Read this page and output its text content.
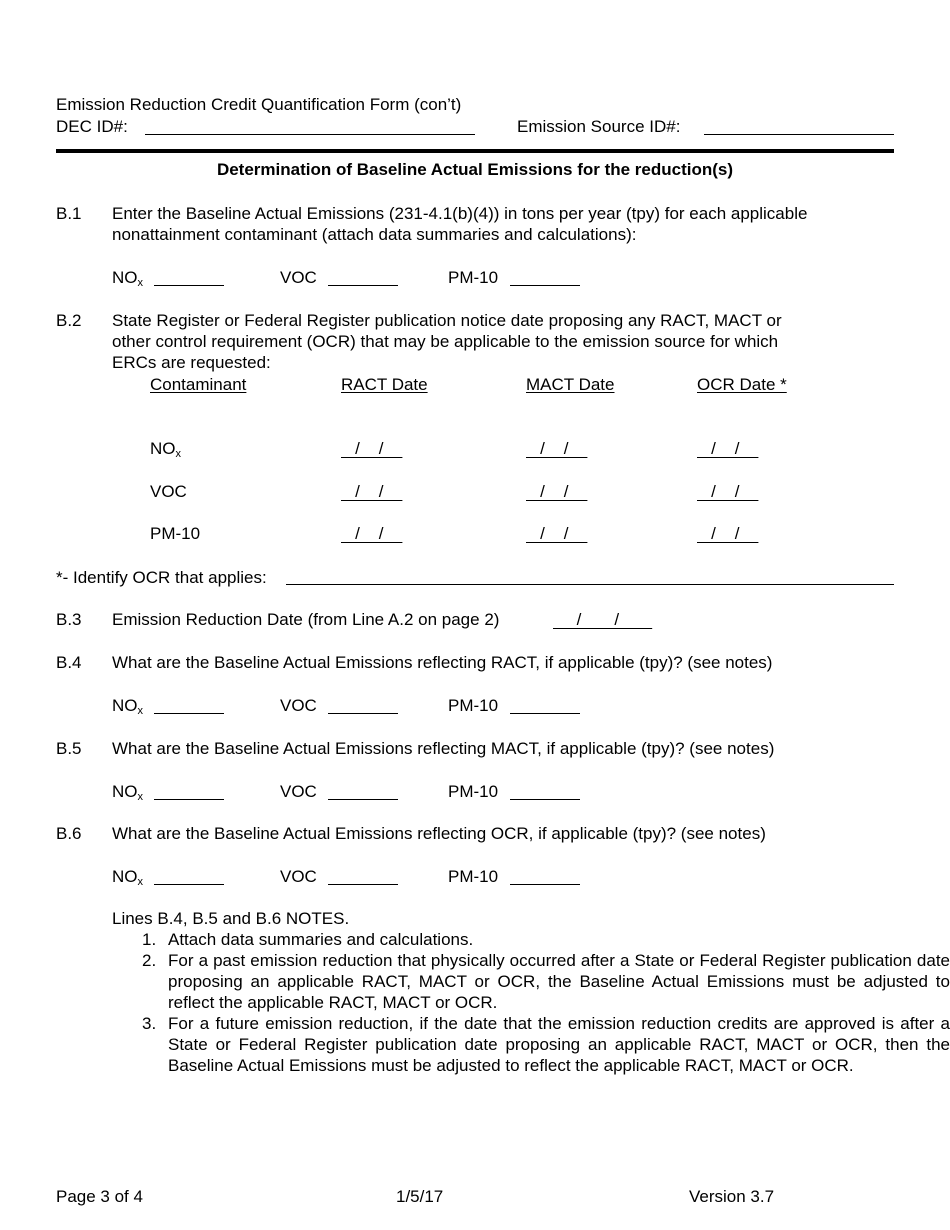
Emission Reduction Credit Quantification Form (con’t)
DEC ID#:	Emission Source ID#:
Determination of Baseline Actual Emissions for the reduction(s)
B.1 Enter the Baseline Actual Emissions (231-4.1(b)(4)) in tons per year (tpy) for each applicable
nonattainment contaminant (attach data summaries and calculations):
NOx	VOC	PM-10
B.2 State Register or Federal Register publication notice date proposing any RACT, MACT or
other control requirement (OCR) that may be applicable to the emission source for which
ERCs are requested:
Contaminant	RACT Date	MACT Date	OCR Date *
NOx	/    /	/    /	/    /
VOC	/    /	/    /	/    /
PM-10	/    /	/    /	/    /
*- Identify OCR that applies:
B.3 Emission Reduction Date (from Line A.2 on page 2)	/       /
B.4 What are the Baseline Actual Emissions reflecting RACT, if applicable (tpy)? (see notes)
NOx	VOC	PM-10
B.5 What are the Baseline Actual Emissions reflecting MACT, if applicable (tpy)? (see notes)
NOx	VOC	PM-10
B.6 What are the Baseline Actual Emissions reflecting OCR, if applicable (tpy)? (see notes)
NOx	VOC	PM-10
Lines B.4, B.5 and B.6 NOTES.
1. Attach data summaries and calculations.
2. For a past emission reduction that physically occurred after a State or Federal Register publication date proposing an applicable RACT, MACT or OCR, the Baseline Actual Emissions must be adjusted to reflect the applicable RACT, MACT or OCR.
3. For a future emission reduction, if the date that the emission reduction credits are approved is after a State or Federal Register publication date proposing an applicable RACT, MACT or OCR, then the Baseline Actual Emissions must be adjusted to reflect the applicable RACT, MACT or OCR.
Page 3 of 4	1/5/17	Version 3.7
